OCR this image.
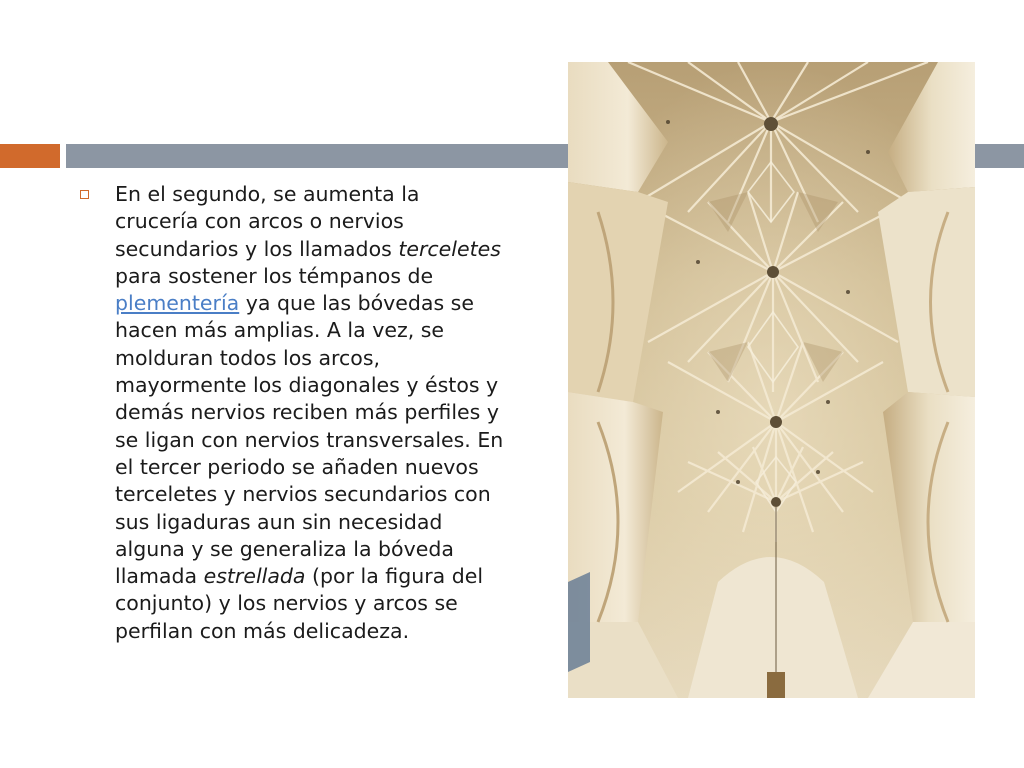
En el segundo, se aumenta la crucería con arcos o nervios secundarios y los llamados terceletes para sostener los témpanos de plementería ya que las bóvedas se hacen más amplias. A la vez, se molduran todos los arcos, mayormente los diagonales y éstos y demás nervios reciben más perfiles y se ligan con nervios transversales. En el tercer periodo se añaden nuevos terceletes y nervios secundarios con sus ligaduras aun sin necesidad alguna y se generaliza la bóveda llamada estrellada (por la figura del conjunto) y los nervios y arcos se perfilan con más delicadeza.
